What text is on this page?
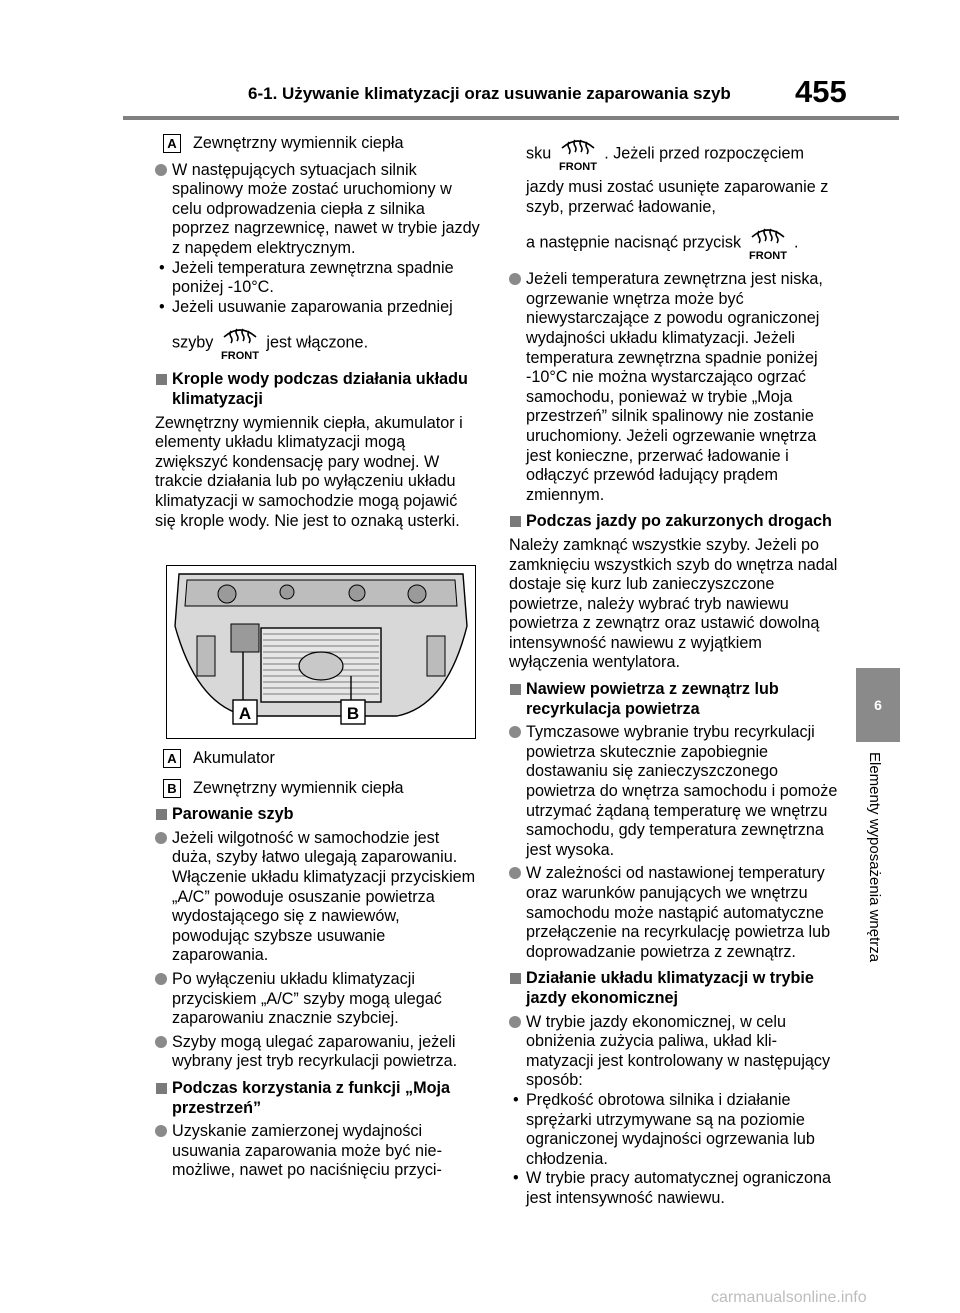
6-1. Używanie klimatyzacji oraz usuwanie zaparowania szyb 455
6
Elementy wyposażenia wnętrza
A Zewnętrzny wymiennik ciepła
W następujących sytuacjach silnik spalinowy może zostać uruchomiony w celu odprowadzenia ciepła z silnika poprzez nagrzewnicę, nawet w trybie jazdy z napędem elektrycznym.
• Jeżeli temperatura zewnętrzna spadnie poniżej -10°C.
• Jeżeli usuwanie zaparowania przedniej
szyby
FRONT
jest włączone.
Krople wody podczas działania układu klimatyzacji
Zewnętrzny wymiennik ciepła, akumulator i elementy układu klimatyzacji mogą zwiększyć kondensację pary wodnej. W trakcie działania lub po wyłączeniu układu klimatyzacji w samochodzie mogą pojawić się krople wody. Nie jest to oznaką usterki.
A	B
A Akumulator
B Zewnętrzny wymiennik ciepła
Parowanie szyb
Jeżeli wilgotność w samochodzie jest duża, szyby łatwo ulegają zaparowaniu. Włączenie układu klimatyzacji przyciskiem „A/C” powoduje osuszanie powietrza wydostającego się z nawiewów, powodując szybsze usuwanie zaparowania.
Po wyłączeniu układu klimatyzacji przyciskiem „A/C” szyby mogą ulegać zaparowaniu znacznie szybciej.
Szyby mogą ulegać zaparowaniu, jeżeli wybrany jest tryb recyrkulacji powietrza.
Podczas korzystania z funkcji „Moja przestrzeń”
Uzyskanie zamierzonej wydajności usuwania zaparowania może być niemożliwe, nawet po naciśnięciu przyci-
sku
FRONT
. Jeżeli przed rozpoczęciem
jazdy musi zostać usunięte zaparowanie z szyb, przerwać ładowanie,
a następnie nacisnąć przycisk
FRONT
.
Jeżeli temperatura zewnętrzna jest niska, ogrzewanie wnętrza może być niewystarczające z powodu ograniczonej wydajności układu klimatyzacji. Jeżeli temperatura zewnętrzna spadnie poniżej -10°C nie można wystarczająco ogrzać samochodu, ponieważ w trybie „Moja przestrzeń” silnik spalinowy nie zostanie uruchomiony. Jeżeli ogrzewanie wnętrza jest konieczne, przerwać ładowanie i odłączyć przewód ładujący prądem zmiennym.
Podczas jazdy po zakurzonych drogach
Należy zamknąć wszystkie szyby. Jeżeli po zamknięciu wszystkich szyb do wnętrza nadal dostaje się kurz lub zanieczyszczone powietrze, należy wybrać tryb nawiewu powietrza z zewnątrz oraz ustawić dowolną intensywność nawiewu z wyjątkiem wyłączenia wentylatora.
Nawiew powietrza z zewnątrz lub recyrkulacja powietrza
Tymczasowe wybranie trybu recyrkulacji powietrza skutecznie zapobiegnie dostawaniu się zanieczyszczonego powietrza do wnętrza samochodu i pomoże utrzymać żądaną temperaturę we wnętrzu samochodu, gdy temperatura zewnętrzna jest wysoka.
W zależności od nastawionej temperatury oraz warunków panujących we wnętrzu samochodu może nastąpić automatyczne przełączenie na recyrkulację powietrza lub doprowadzanie powietrza z zewnątrz.
Działanie układu klimatyzacji w trybie jazdy ekonomicznej
W trybie jazdy ekonomicznej, w celu obniżenia zużycia paliwa, układ klimatyzacji jest kontrolowany w następujący sposób:
• Prędkość obrotowa silnika i działanie sprężarki utrzymywane są na poziomie ograniczonej wydajności ogrzewania lub chłodzenia.
• W trybie pracy automatycznej ograniczona jest intensywność nawiewu.
carmanualsonline.info
